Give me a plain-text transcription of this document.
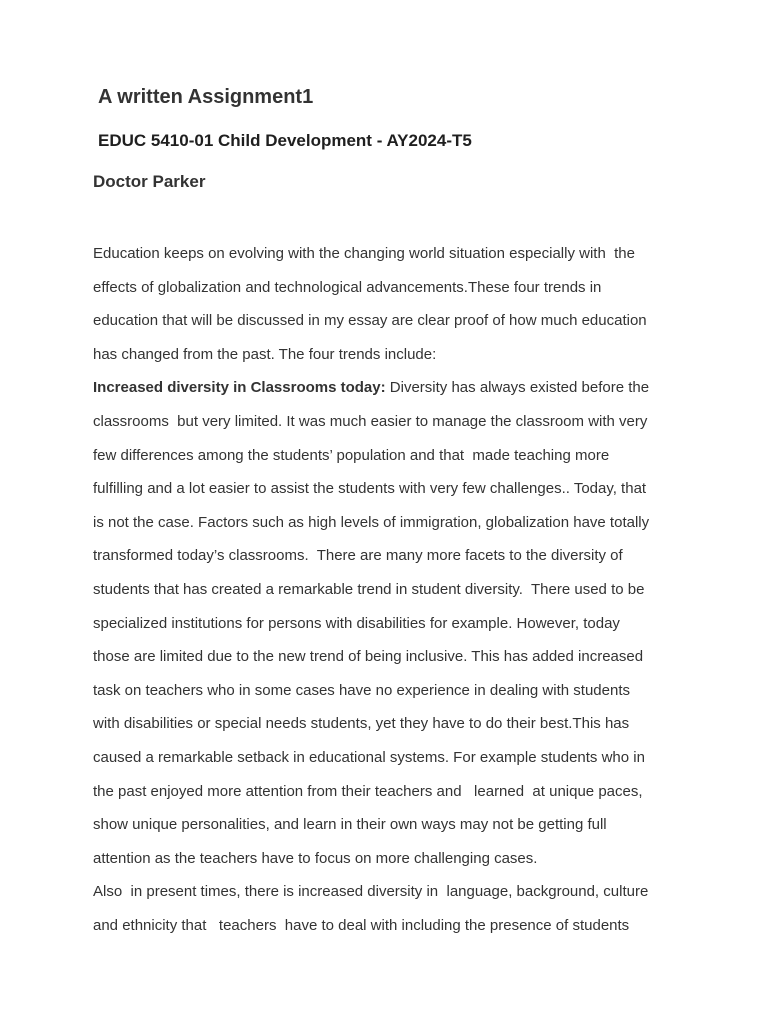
A written Assignment1
EDUC 5410-01 Child Development - AY2024-T5
Doctor Parker
Education keeps on evolving with the changing world situation especially with  the
effects of globalization and technological advancements.These four trends in
education that will be discussed in my essay are clear proof of how much education
has changed from the past. The four trends include:
Increased diversity in Classrooms today: Diversity has always existed before the
classrooms  but very limited. It was much easier to manage the classroom with very
few differences among the students’ population and that  made teaching more
fulfilling and a lot easier to assist the students with very few challenges.. Today, that
is not the case. Factors such as high levels of immigration, globalization have totally
transformed today’s classrooms.  There are many more facets to the diversity of
students that has created a remarkable trend in student diversity.  There used to be
specialized institutions for persons with disabilities for example. However, today
those are limited due to the new trend of being inclusive. This has added increased
task on teachers who in some cases have no experience in dealing with students
with disabilities or special needs students, yet they have to do their best.This has
caused a remarkable setback in educational systems. For example students who in
the past enjoyed more attention from their teachers and   learned  at unique paces,
show unique personalities, and learn in their own ways may not be getting full
attention as the teachers have to focus on more challenging cases.
Also  in present times, there is increased diversity in  language, background, culture
and ethnicity that   teachers  have to deal with including the presence of students
